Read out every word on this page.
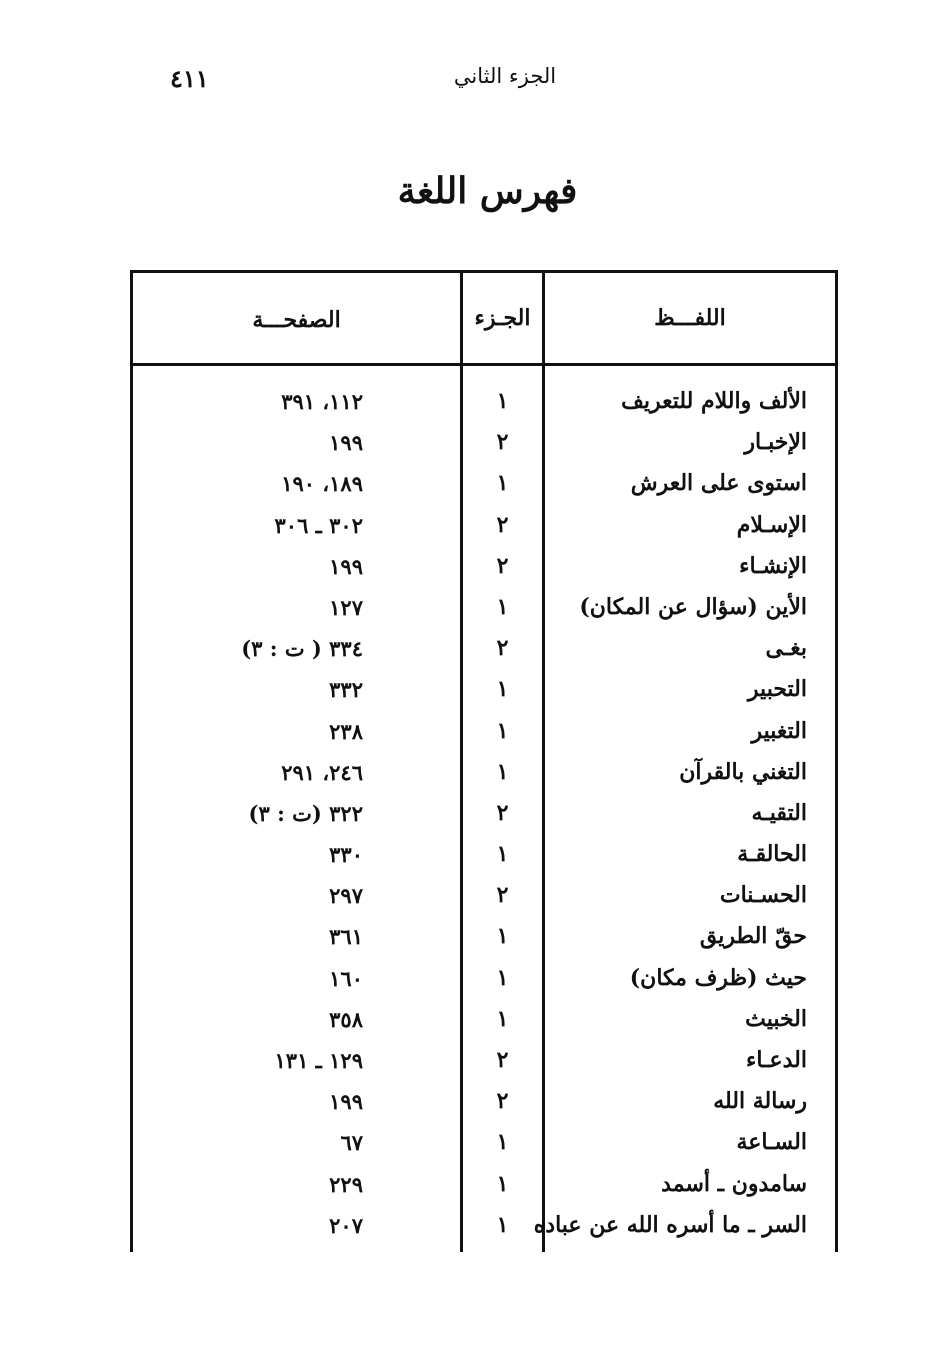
٤١١	الجزء الثاني
فهرس اللغة
اللفـــظ
الجـزء
الصفحـــة
الألف واللام للتعريف
١
١١٢، ٣٩١
الإخبـار
٢
١٩٩
استوى على العرش
١
١٨٩، ١٩٠
الإسـلام
٢
٣٠٢ ـ ٣٠٦
الإنشـاء
٢
١٩٩
الأين (سؤال عن المكان)
١
١٢٧
بغـى
٢
٣٣٤ ( ت : ٣)
التحبير
١
٣٣٢
التغبير
١
٢٣٨
التغني بالقرآن
١
٢٤٦، ٢٩١
التقيـه
٢
٣٢٢ (ت : ٣)
الحالقـة
١
٣٣٠
الحسـنات
٢
٢٩٧
حقّ الطريق
١
٣٦١
حيث (ظرف مكان)
١
١٦٠
الخبيث
١
٣٥٨
الدعـاء
٢
١٢٩ ـ ١٣١
رسالة الله
٢
١٩٩
السـاعة
١
٦٧
سامدون ـ أسمد
١
٢٢٩
السر ـ ما أسره الله عن عباده
١
٢٠٧
